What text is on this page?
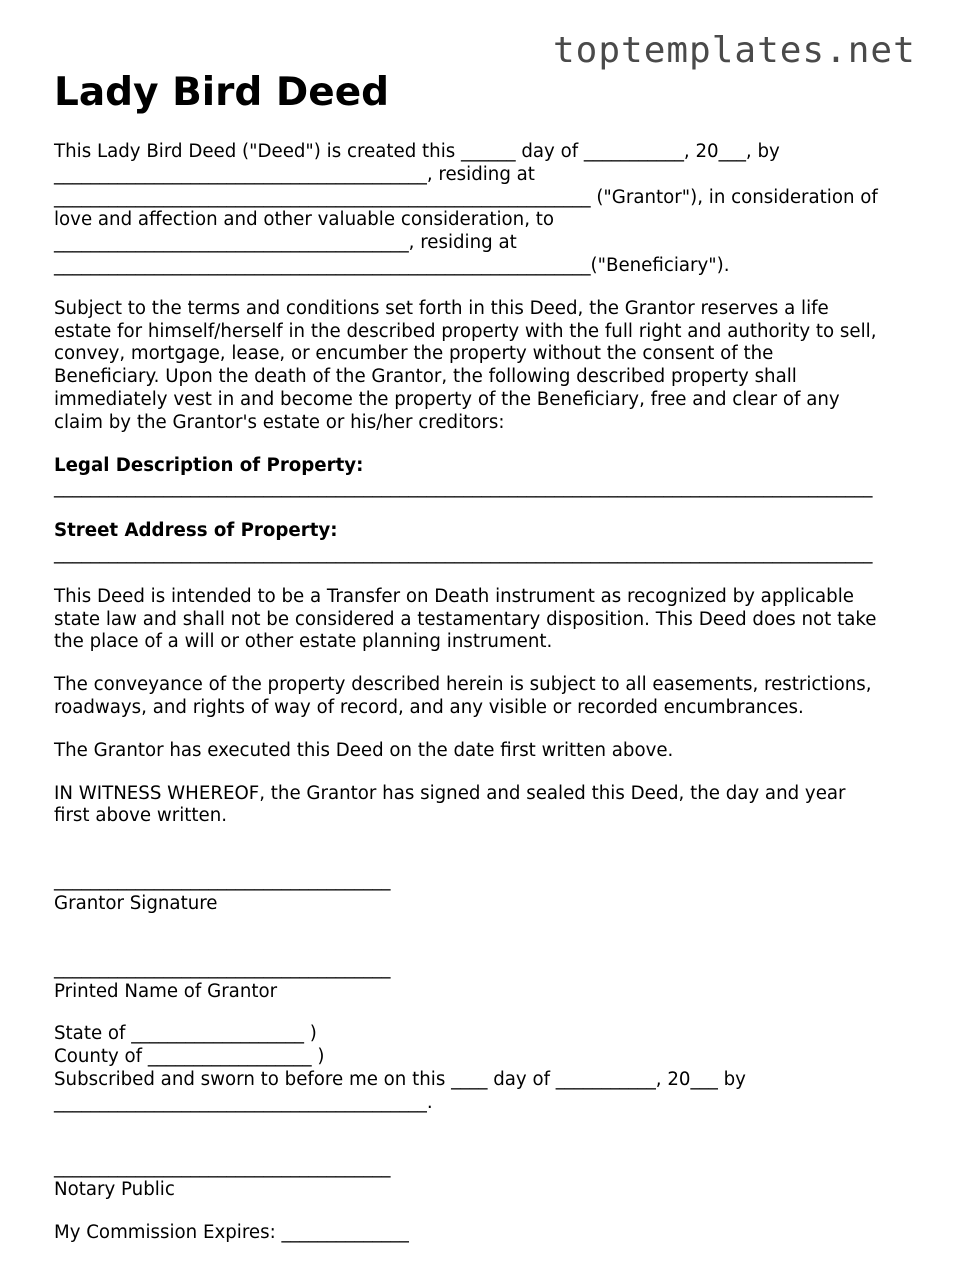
toptemplates.net
Lady Bird Deed

This Lady Bird Deed ("Deed") is created this ______ day of ___________, 20___, by

_________________________________________, residing at

___________________________________________________________ ("Grantor"), in consideration of

love and affection and other valuable consideration, to

_______________________________________, residing at

___________________________________________________________("Beneficiary").

Subject to the terms and conditions set forth in this Deed, the Grantor reserves a life

estate for himself/herself in the described property with the full right and authority to sell,

convey, mortgage, lease, or encumber the property without the consent of the

Beneficiary. Upon the death of the Grantor, the following described property shall

immediately vest in and become the property of the Beneficiary, free and clear of any

claim by the Grantor's estate or his/her creditors:

Legal Description of Property:

__________________________________________________________________________________________

Street Address of Property:

__________________________________________________________________________________________

This Deed is intended to be a Transfer on Death instrument as recognized by applicable

state law and shall not be considered a testamentary disposition. This Deed does not take

the place of a will or other estate planning instrument.

The conveyance of the property described herein is subject to all easements, restrictions,

roadways, and rights of way of record, and any visible or recorded encumbrances.

The Grantor has executed this Deed on the date first written above.

IN WITNESS WHEREOF, the Grantor has signed and sealed this Deed, the day and year

first above written.

_____________________________________

Grantor Signature

_____________________________________

Printed Name of Grantor

State of ___________________ )

County of __________________ )

Subscribed and sworn to before me on this ____ day of ___________, 20___ by

_________________________________________.

_____________________________________

Notary Public

My Commission Expires: ______________
